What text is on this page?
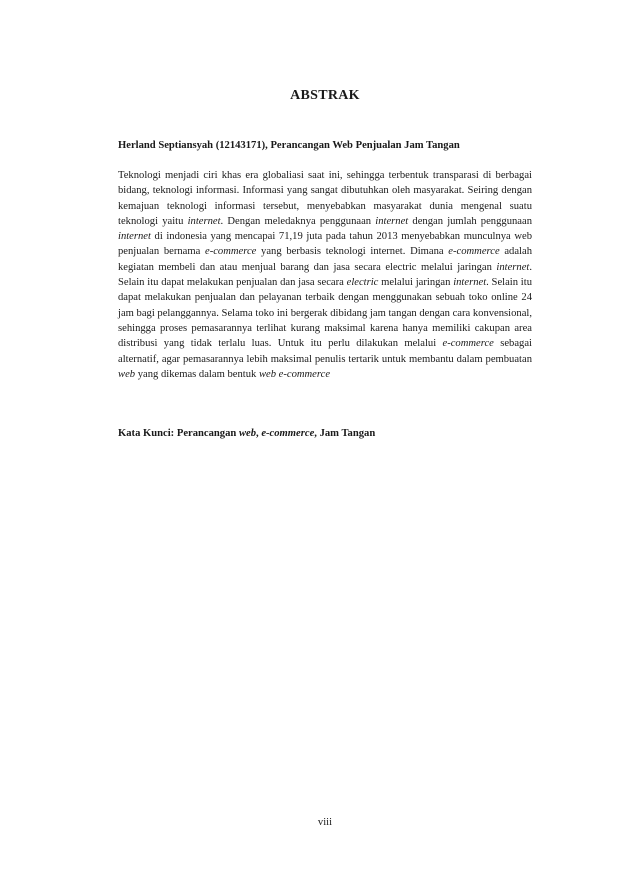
ABSTRAK
Herland Septiansyah (12143171), Perancangan Web Penjualan Jam Tangan

Teknologi menjadi ciri khas era globaliasi saat ini, sehingga terbentuk transparasi di berbagai bidang, teknologi informasi. Informasi yang sangat dibutuhkan oleh masyarakat. Seiring dengan kemajuan teknologi informasi tersebut, menyebabkan masyarakat dunia mengenal suatu teknologi yaitu internet. Dengan meledaknya penggunaan internet dengan jumlah penggunaan internet di indonesia yang mencapai 71,19 juta pada tahun 2013 menyebabkan munculnya web penjualan bernama e-commerce yang berbasis teknologi internet. Dimana e-commerce adalah kegiatan membeli dan atau menjual barang dan jasa secara electric melalui jaringan internet. Selain itu dapat melakukan penjualan dan jasa secara electric melalui jaringan internet. Selain itu dapat melakukan penjualan dan pelayanan terbaik dengan menggunakan sebuah toko online 24 jam bagi pelanggannya. Selama toko ini bergerak dibidang jam tangan dengan cara konvensional, sehingga proses pemasarannya terlihat kurang maksimal karena hanya memiliki cakupan area distribusi yang tidak terlalu luas. Untuk itu perlu dilakukan melalui e-commerce sebagai alternatif, agar pemasarannya lebih maksimal penulis tertarik untuk membantu dalam pembuatan web yang dikemas dalam bentuk web e-commerce

Kata Kunci: Perancangan web, e-commerce, Jam Tangan
viii
